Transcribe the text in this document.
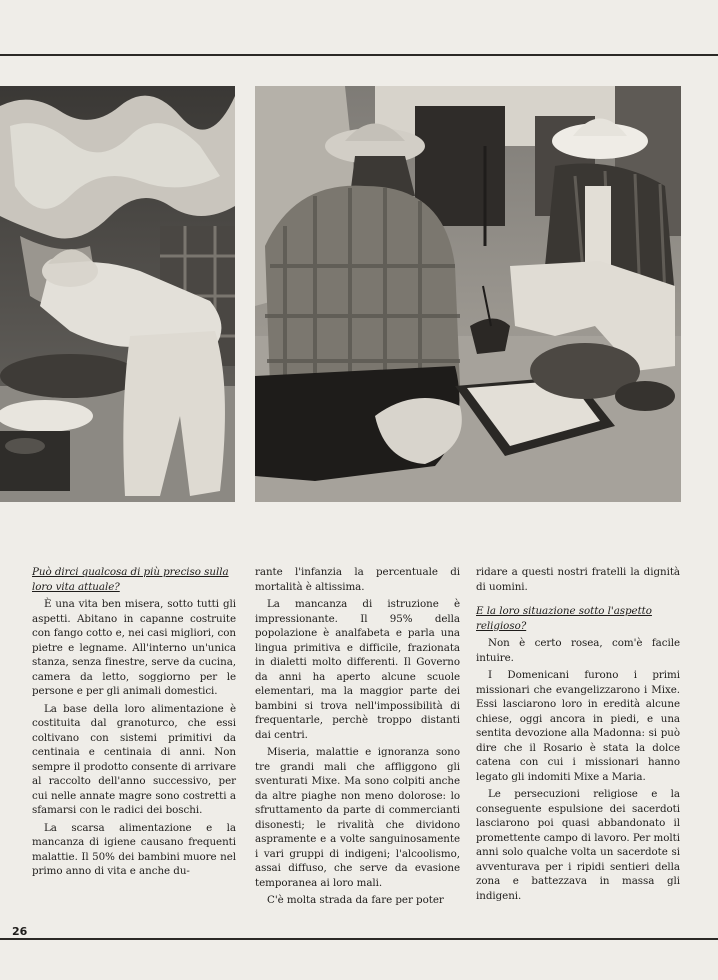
Può dirci qualcosa di più preciso sulla loro vita attuale?

È una vita ben misera, sotto tutti gli aspetti. Abitano in capanne costruite con fango cotto e, nei casi migliori, con pietre e legname. All'interno un'unica stanza, senza finestre, serve da cucina, camera da letto, soggiorno per le persone e per gli animali domestici.

La base della loro alimentazione è costituita dal granoturco, che essi coltivano con sistemi primitivi da centinaia e centinaia di anni. Non sempre il prodotto consente di arrivare al raccolto dell'anno successivo, per cui nelle annate magre sono costretti a sfamarsi con le radici dei boschi.

La scarsa alimentazione e la mancanza di igiene causano frequenti malattie. Il 50% dei bambini muore nel primo anno di vita e anche du-

rante l'infanzia la percentuale di mortalità è altissima.

La mancanza di istruzione è impressionante. Il 95% della popolazione è analfabeta e parla una lingua primitiva e difficile, frazionata in dialetti molto differenti. Il Governo da anni ha aperto alcune scuole elementari, ma la maggior parte dei bambini si trova nell'impossibilità di frequentarle, perchè troppo distanti dai centri.

Miseria, malattie e ignoranza sono tre grandi mali che affliggono gli sventurati Mixe. Ma sono colpiti anche da altre piaghe non meno dolorose: lo sfruttamento da parte di commercianti disonesti; le rivalità che dividono aspramente e a volte sanguinosamente i vari gruppi di indigeni; l'alcoolismo, assai diffuso, che serve da evasione temporanea ai loro mali.

C'è molta strada da fare per poter

ridare a questi nostri fratelli la dignità di uomini.

E la loro situazione sotto l'aspetto religioso?

Non è certo rosea, com'è facile intuire.

I Domenicani furono i primi missionari che evangelizzarono i Mixe. Essi lasciarono loro in eredità alcune chiese, oggi ancora in piedi, e una sentita devozione alla Madonna: si può dire che il Rosario è stata la dolce catena con cui i missionari hanno legato gli indomiti Mixe a Maria.

Le persecuzioni religiose e la conseguente espulsione dei sacerdoti lasciarono poi quasi abbandonato il promettente campo di lavoro. Per molti anni solo qualche volta un sacerdote si avventurava per i ripidi sentieri della zona e battezzava in massa gli indigeni.

26
